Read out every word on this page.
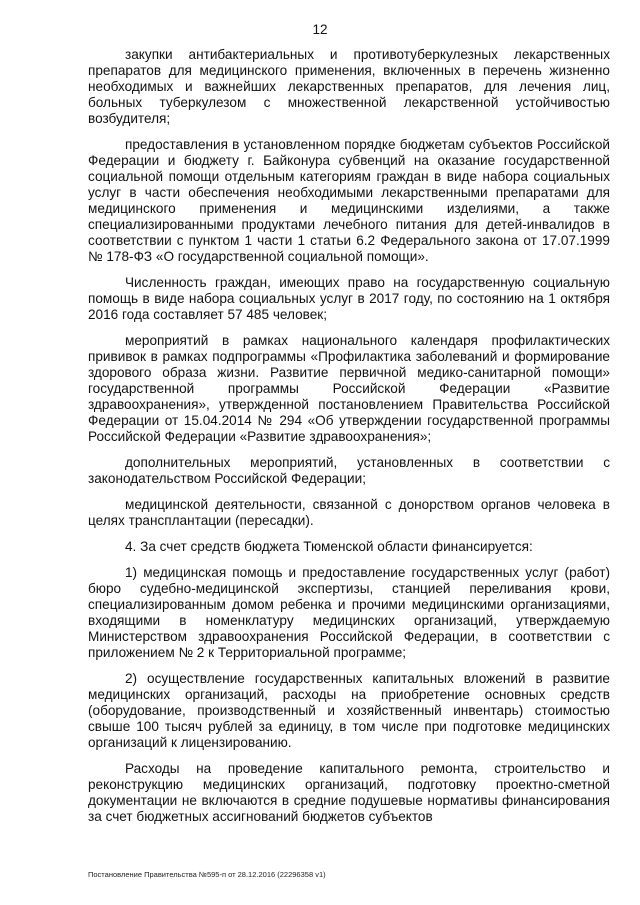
12

закупки антибактериальных и противотуберкулезных лекарственных препаратов для медицинского применения, включенных в перечень жизненно необходимых и важнейших лекарственных препаратов, для лечения лиц, больных туберкулезом с множественной лекарственной устойчивостью возбудителя;

предоставления в установленном порядке бюджетам субъектов Российской Федерации и бюджету г. Байконура субвенций на оказание государственной социальной помощи отдельным категориям граждан в виде набора социальных услуг в части обеспечения необходимыми лекарственными препаратами для медицинского применения и медицинскими изделиями, а также специализированными продуктами лечебного питания для детей-инвалидов в соответствии с пунктом 1 части 1 статьи 6.2 Федерального закона от 17.07.1999 № 178-ФЗ «О государственной социальной помощи».

Численность граждан, имеющих право на государственную социальную помощь в виде набора социальных услуг в 2017 году, по состоянию на 1 октября 2016 года составляет 57 485 человек;

мероприятий в рамках национального календаря профилактических прививок в рамках подпрограммы «Профилактика заболеваний и формирование здорового образа жизни. Развитие первичной медико-санитарной помощи» государственной программы Российской Федерации «Развитие здравоохранения», утвержденной постановлением Правительства Российской Федерации от 15.04.2014 № 294 «Об утверждении государственной программы Российской Федерации «Развитие здравоохранения»;

дополнительных мероприятий, установленных в соответствии с законодательством Российской Федерации;

медицинской деятельности, связанной с донорством органов человека в целях трансплантации (пересадки).

4. За счет средств бюджета Тюменской области финансируется:

1) медицинская помощь и предоставление государственных услуг (работ) бюро судебно-медицинской экспертизы, станцией переливания крови, специализированным домом ребенка и прочими медицинскими организациями, входящими в номенклатуру медицинских организаций, утверждаемую Министерством здравоохранения Российской Федерации, в соответствии с приложением № 2 к Территориальной программе;

2) осуществление государственных капитальных вложений в развитие медицинских организаций, расходы на приобретение основных средств (оборудование, производственный и хозяйственный инвентарь) стоимостью свыше 100 тысяч рублей за единицу, в том числе при подготовке медицинских организаций к лицензированию.

Расходы на проведение капитального ремонта, строительство и реконструкцию медицинских организаций, подготовку проектно-сметной документации не включаются в средние подушевые нормативы финансирования за счет бюджетных ассигнований бюджетов субъектов

Постановление Правительства №595-п от 28.12.2016 (22296358 v1)
